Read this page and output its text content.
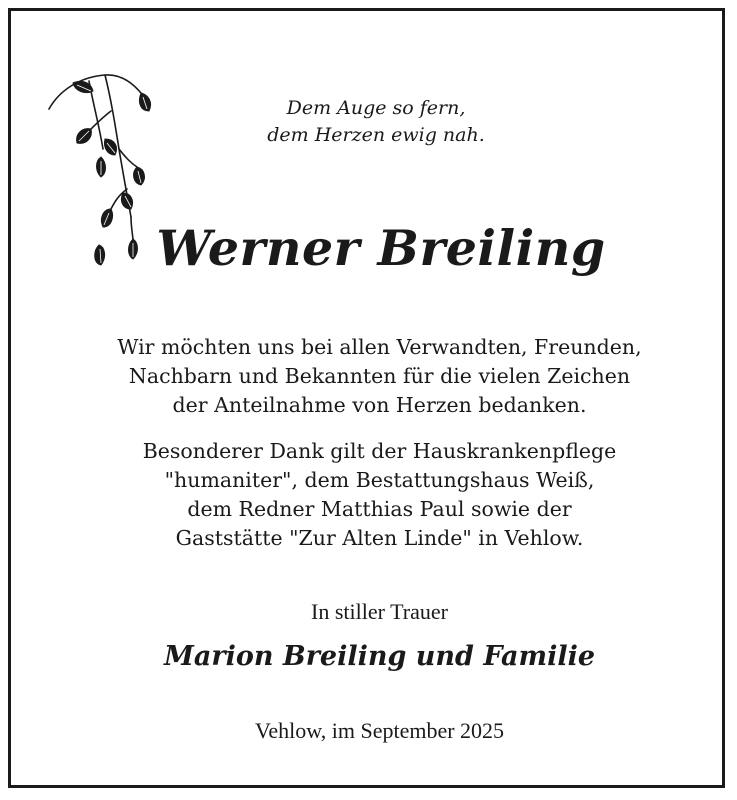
Dem Auge so fern,
dem Herzen ewig nah.
Werner Breiling
Wir möchten uns bei allen Verwandten, Freunden,
Nachbarn und Bekannten für die vielen Zeichen
der Anteilnahme von Herzen bedanken.
Besonderer Dank gilt der Hauskrankenpflege
"humaniter", dem Bestattungshaus Weiß,
dem Redner Matthias Paul sowie der
Gaststätte "Zur Alten Linde" in Vehlow.
In stiller Trauer
Marion Breiling und Familie
Vehlow, im September 2025
